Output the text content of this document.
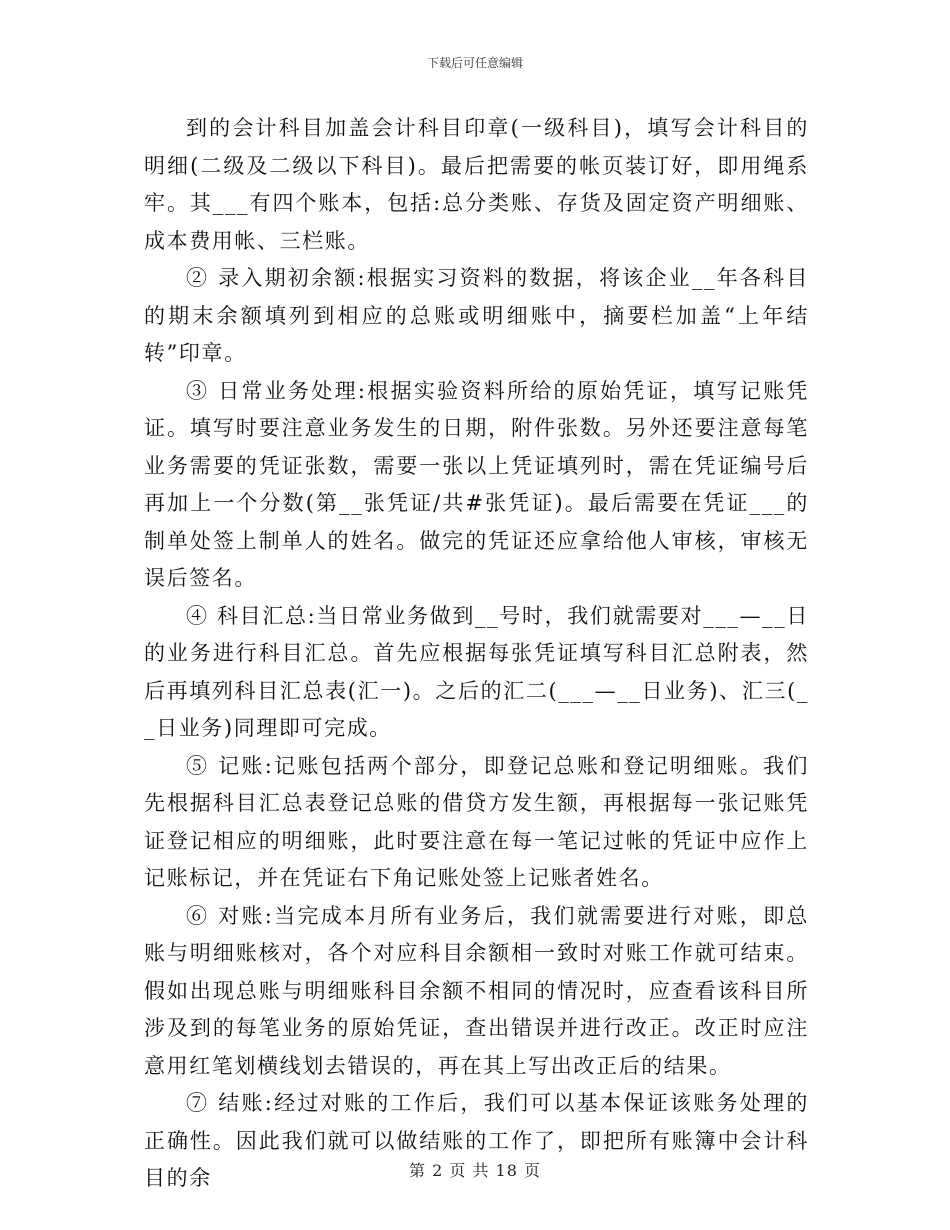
下载后可任意编辑

到的会计科目加盖会计科目印章(一级科目)，填写会计科目的明细(二级及二级以下科目)。最后把需要的帐页装订好，即用绳系牢。其___有四个账本，包括:总分类账、存货及固定资产明细账、成本费用帐、三栏账。

② 录入期初余额:根据实习资料的数据，将该企业__年各科目的期末余额填列到相应的总账或明细账中，摘要栏加盖“上年结转”印章。

③ 日常业务处理:根据实验资料所给的原始凭证，填写记账凭证。填写时要注意业务发生的日期，附件张数。另外还要注意每笔业务需要的凭证张数，需要一张以上凭证填列时，需在凭证编号后再加上一个分数(第__张凭证/共#张凭证)。最后需要在凭证___的制单处签上制单人的姓名。做完的凭证还应拿给他人审核，审核无误后签名。

④ 科目汇总:当日常业务做到__号时，我们就需要对___—__日的业务进行科目汇总。首先应根据每张凭证填写科目汇总附表，然后再填列科目汇总表(汇一)。之后的汇二(___—__日业务)、汇三(__日业务)同理即可完成。

⑤ 记账:记账包括两个部分，即登记总账和登记明细账。我们先根据科目汇总表登记总账的借贷方发生额，再根据每一张记账凭证登记相应的明细账，此时要注意在每一笔记过帐的凭证中应作上记账标记，并在凭证右下角记账处签上记账者姓名。

⑥ 对账:当完成本月所有业务后，我们就需要进行对账，即总账与明细账核对，各个对应科目余额相一致时对账工作就可结束。假如出现总账与明细账科目余额不相同的情况时，应查看该科目所涉及到的每笔业务的原始凭证，查出错误并进行改正。改正时应注意用红笔划横线划去错误的，再在其上写出改正后的结果。

⑦ 结账:经过对账的工作后，我们可以基本保证该账务处理的正确性。因此我们就可以做结账的工作了，即把所有账簿中会计科目的余	第 2 页 共 18 页
